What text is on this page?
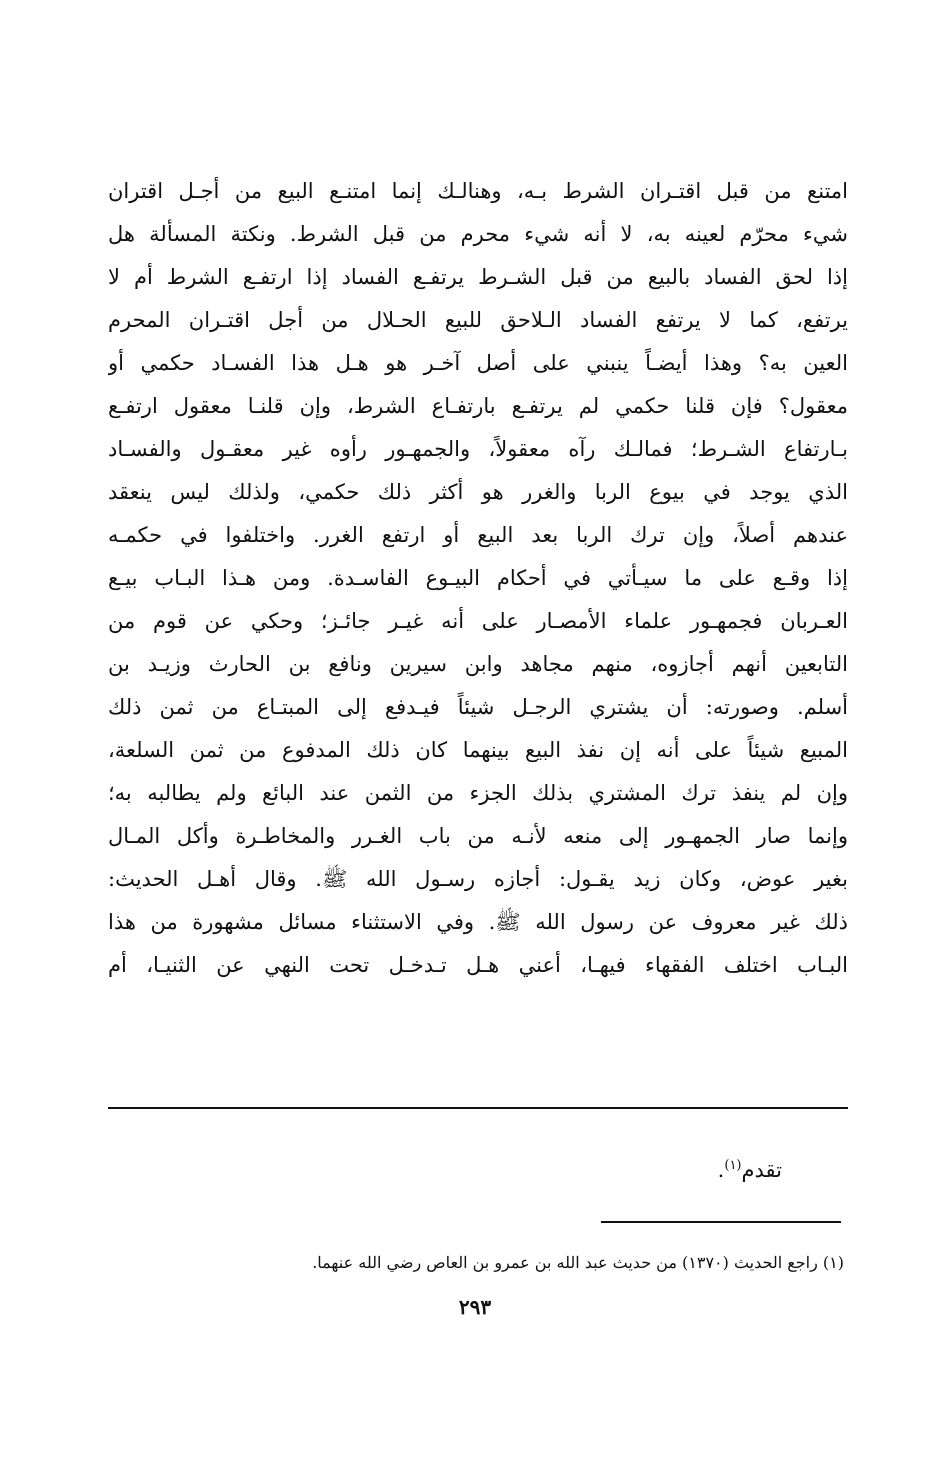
امتنع من قبل اقتـران الشرط بـه، وهنالـك إنما امتنـع البيع من أجـل اقتران
شيء محرّم لعينه به، لا أنه شيء محرم من قبل الشرط. ونكتة المسألة هل
إذا لحق الفساد بالبيع من قبل الشـرط يرتفـع الفساد إذا ارتفـع الشرط أم لا
يرتفع، كما لا يرتفع الفساد الـلاحق للبيع الحـلال من أجل اقتـران المحرم
العين به؟ وهذا أيضـاً ينبني على أصل آخـر هو هـل هذا الفسـاد حكمي أو
معقول؟ فإن قلنا حكمي لم يرتفـع بارتفـاع الشرط، وإن قلنـا معقول ارتفـع
بـارتفاع الشـرط؛ فمالـك رآه معقولاً، والجمهـور رأوه غير معقـول والفسـاد
الذي يوجد في بيوع الربا والغرر هو أكثر ذلك حكمي، ولذلك ليس ينعقد
عندهم أصلاً، وإن ترك الربا بعد البيع أو ارتفع الغرر. واختلفوا في حكمـه
إذا وقـع على ما سيـأتي في أحكام البيـوع الفاسـدة. ومن هـذا البـاب بيـع
العـربان فجمهـور علماء الأمصـار على أنه غيـر جائـز؛ وحكي عن قوم من
التابعين أنهم أجازوه، منهم مجاهد وابن سيرين ونافع بن الحارث وزيـد بن
أسلم. وصورته: أن يشتري الرجـل شيئاً فيـدفع إلى المبتـاع من ثمن ذلك
المبيع شيئاً على أنه إن نفذ البيع بينهما كان ذلك المدفوع من ثمن السلعة،
وإن لم ينفذ ترك المشتري بذلك الجزء من الثمن عند البائع ولم يطالبه به؛
وإنما صار الجمهـور إلى منعه لأنـه من باب الغـرر والمخاطـرة وأكل المـال
بغير عوض، وكان زيد يقـول: أجازه رسـول الله ﷺ. وقال أهـل الحديث:
ذلك غير معروف عن رسول الله ﷺ. وفي الاستثناء مسائل مشهورة من هذا
البـاب اختلف الفقهاء فيهـا، أعني هـل تـدخـل تحت النهي عن الثنيـا، أم
تقدم$^{(١)}$.
(١) راجع الحديث (١٣٧٠) من حديث عبد الله بن عمرو بن العاص رضي الله عنهما.
٢٩٣
